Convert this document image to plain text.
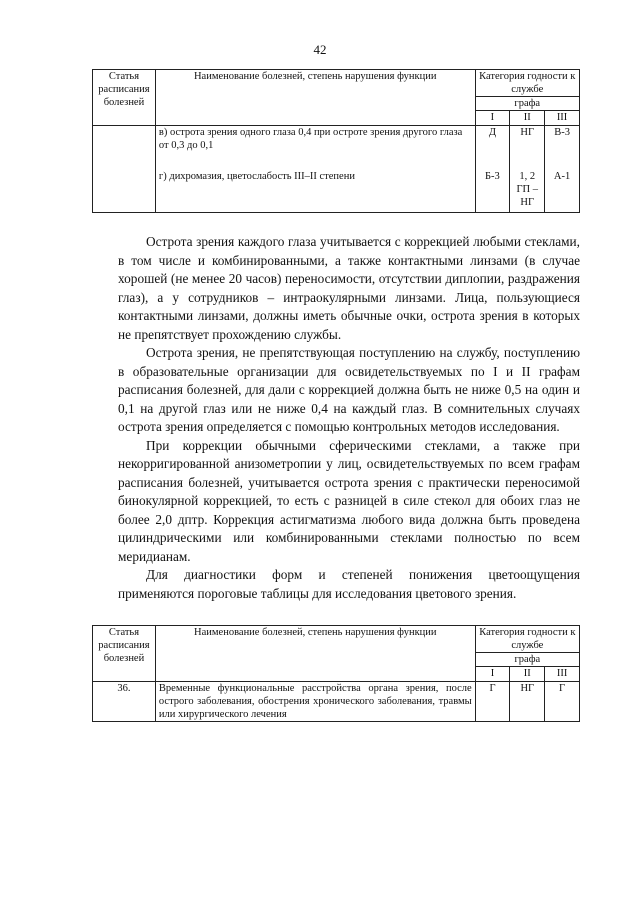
42
Статья расписания болезней	Наименование болезней, степень нарушения функции	Категория годности к службе		
		графа		
		I	II	III
	в) острота зрения одного глаза 0,4 при остроте зрения другого глаза от 0,3 до 0,1	Д	НГ	В-3
	г) дихромазия, цветослабость III–II степени	Б-3	1, 2 ГП – НГ	А-1

Острота зрения каждого глаза учитывается с коррекцией любыми стеклами, в том числе и комбинированными, а также контактными линзами (в случае хорошей (не менее 20 часов) переносимости, отсутствии диплопии, раздражения глаз), а у сотрудников – интраокулярными линзами. Лица, пользующиеся контактными линзами, должны иметь обычные очки, острота зрения в которых не препятствует прохождению службы.

Острота зрения, не препятствующая поступлению на службу, поступлению в образовательные организации для освидетельствуемых по I и II графам расписания болезней, для дали с коррекцией должна быть не ниже 0,5 на один и 0,1 на другой глаз или не ниже 0,4 на каждый глаз. В сомнительных случаях острота зрения определяется с помощью контрольных методов исследования.

При коррекции обычными сферическими стеклами, а также при некорригированной анизометропии у лиц, освидетельствуемых по всем графам расписания болезней, учитывается острота зрения с практически переносимой бинокулярной коррекцией, то есть с разницей в силе стекол для обоих глаз не более 2,0 дптр. Коррекция астигматизма любого вида должна быть проведена цилиндрическими или комбинированными стеклами полностью по всем меридианам.

Для диагностики форм и степеней понижения цветоощущения применяются пороговые таблицы для исследования цветового зрения.

Статья расписания болезней	Наименование болезней, степень нарушения функции	Категория годности к службе		
		графа		
		I	II	III
36.	Временные функциональные расстройства органа зрения, после острого заболевания, обострения хронического заболевания, травмы или хирургического лечения	Г	НГ	Г
